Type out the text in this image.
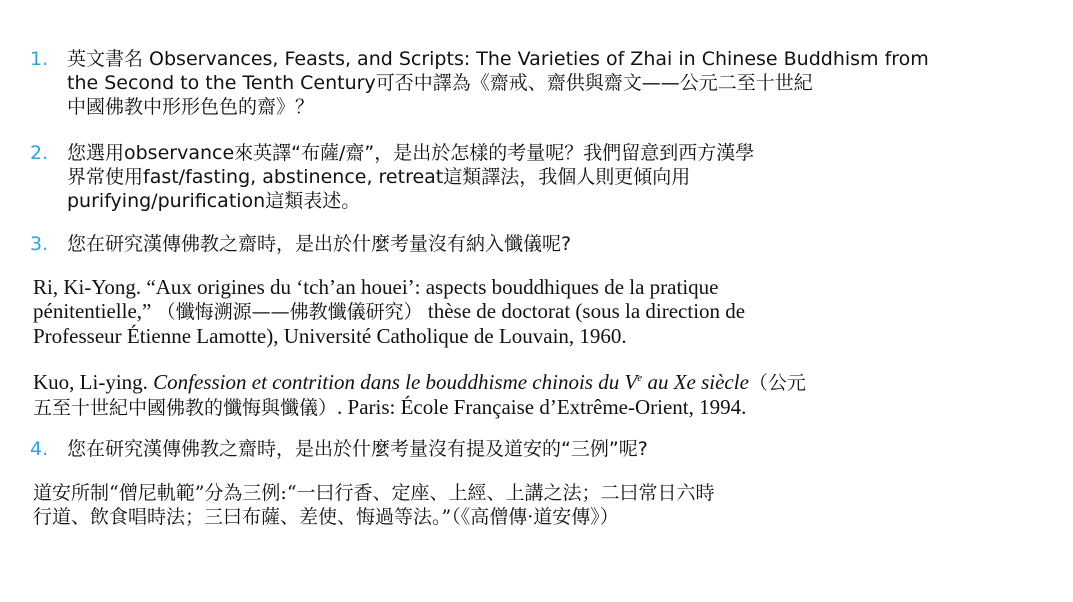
1. 英文書名 Observances, Feasts, and Scripts: The Varieties of Zhai in Chinese Buddhism from
the Second to the Tenth Century可否中譯為《齋戒、齋供與齋文——公元二至十世紀
中國佛教中形形色色的齋》？
2. 您選用observance來英譯“布薩/齋”，是出於怎樣的考量呢？我們留意到西方漢學
界常使用fast/fasting, abstinence, retreat這類譯法，我個人則更傾向用
purifying/purification這類表述。
3. 您在研究漢傳佛教之齋時，是出於什麼考量沒有納入懺儀呢?
Ri, Ki-Yong. “Aux origines du ‘tch’an houei’: aspects bouddhiques de la pratique
pénitentielle,” （懺悔溯源——佛教懺儀研究） thèse de doctorat (sous la direction de
Professeur Étienne Lamotte), Université Catholique de Louvain, 1960.
Kuo, Li-ying. Confession et contrition dans le bouddhisme chinois du Ve au Xe siècle（公元
五至十世紀中國佛教的懺悔與懺儀）. Paris: École Française d’Extrême-Orient, 1994.
4. 您在研究漢傳佛教之齋時，是出於什麼考量沒有提及道安的“三例”呢?
道安所制“僧尼軌範”分為三例:“一曰行香、定座、上經、上講之法；二曰常日六時
行道、飲食唱時法；三曰布薩、差使、悔過等法。”（《高僧傳·道安傳》）
